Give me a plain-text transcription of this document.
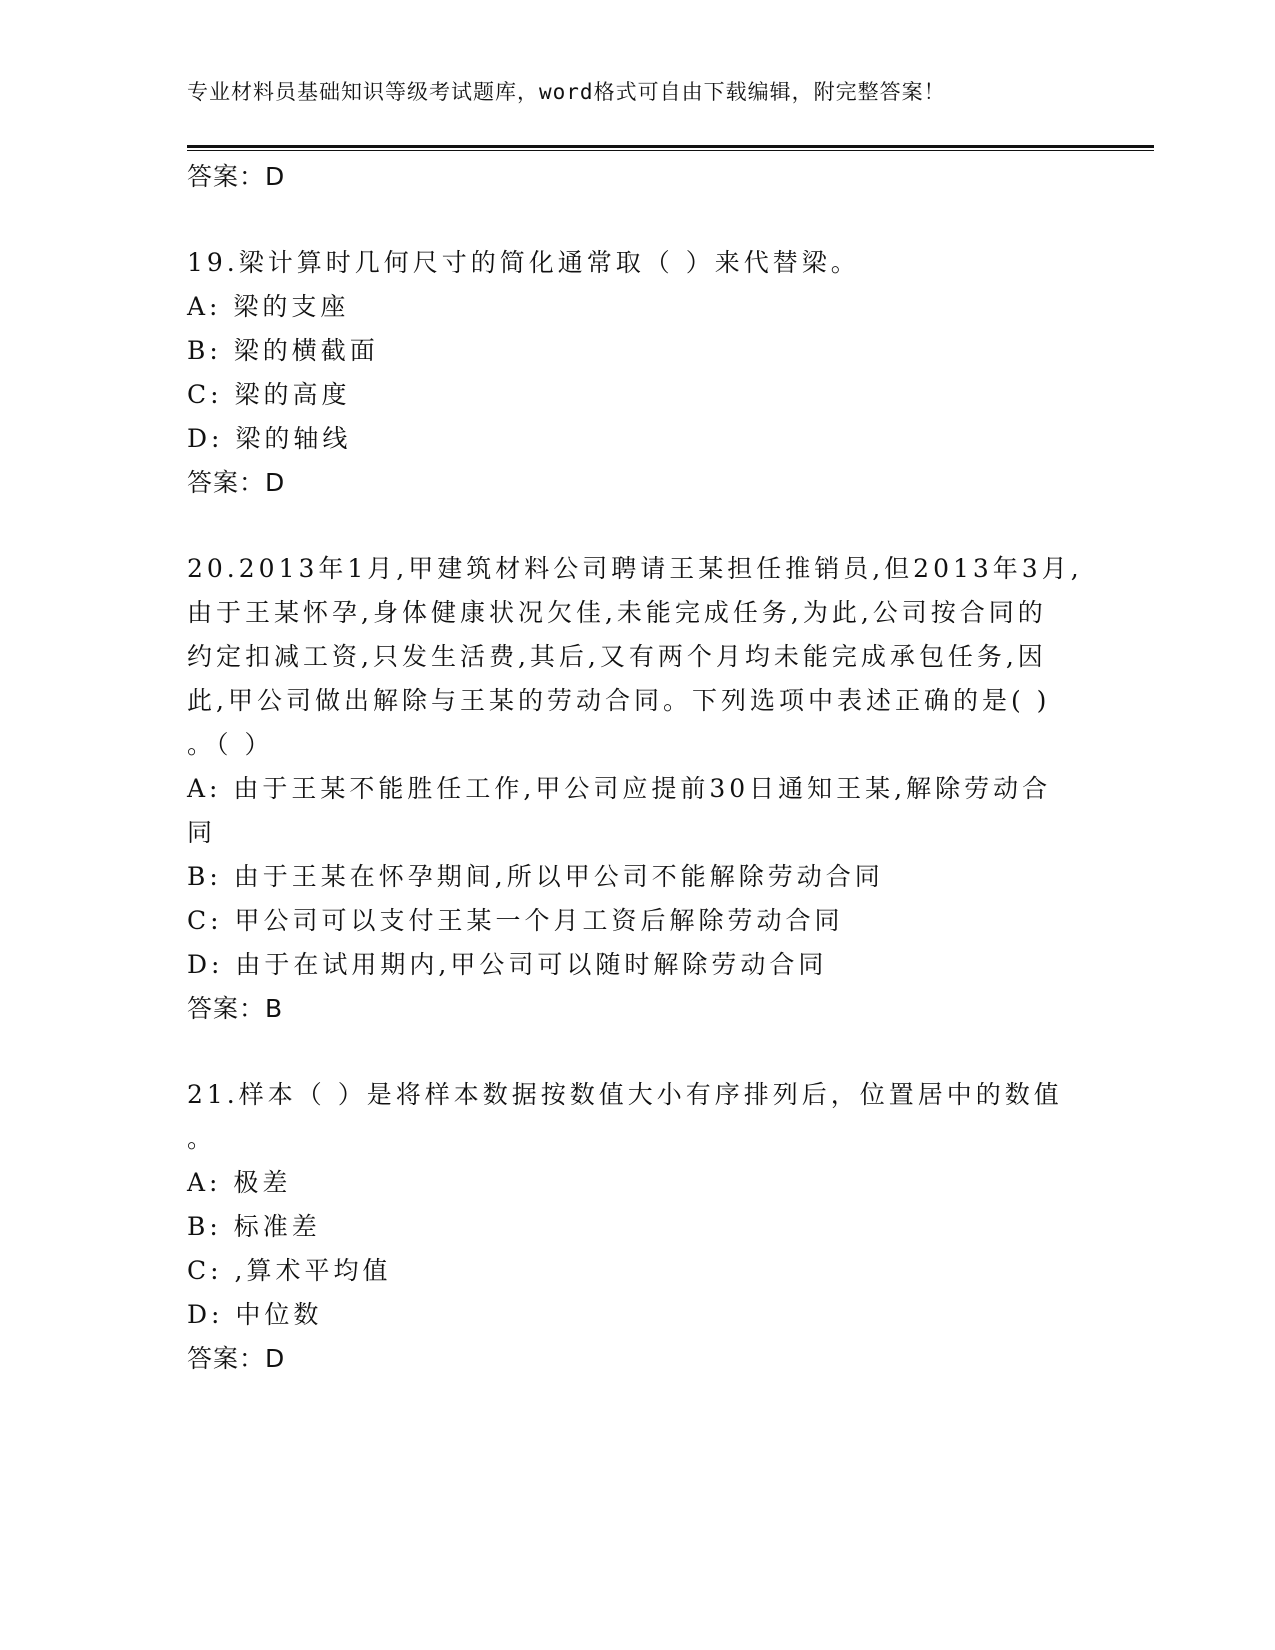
专业材料员基础知识等级考试题库，word格式可自由下载编辑，附完整答案！
答案：D
19.梁计算时几何尺寸的简化通常取（ ）来代替梁。
A: 梁的支座
B: 梁的横截面
C: 梁的高度
D: 梁的轴线
答案：D
20.2013年1月,甲建筑材料公司聘请王某担任推销员,但2013年3月,
由于王某怀孕,身体健康状况欠佳,未能完成任务,为此,公司按合同的
约定扣减工资,只发生活费,其后,又有两个月均未能完成承包任务,因
此,甲公司做出解除与王某的劳动合同。下列选项中表述正确的是( )
。（ ）
A: 由于王某不能胜任工作,甲公司应提前30日通知王某,解除劳动合
同
B: 由于王某在怀孕期间,所以甲公司不能解除劳动合同
C: 甲公司可以支付王某一个月工资后解除劳动合同
D: 由于在试用期内,甲公司可以随时解除劳动合同
答案：B
21.样本（ ）是将样本数据按数值大小有序排列后，位置居中的数值
。
A: 极差
B: 标准差
C: ,算术平均值
D: 中位数
答案：D
